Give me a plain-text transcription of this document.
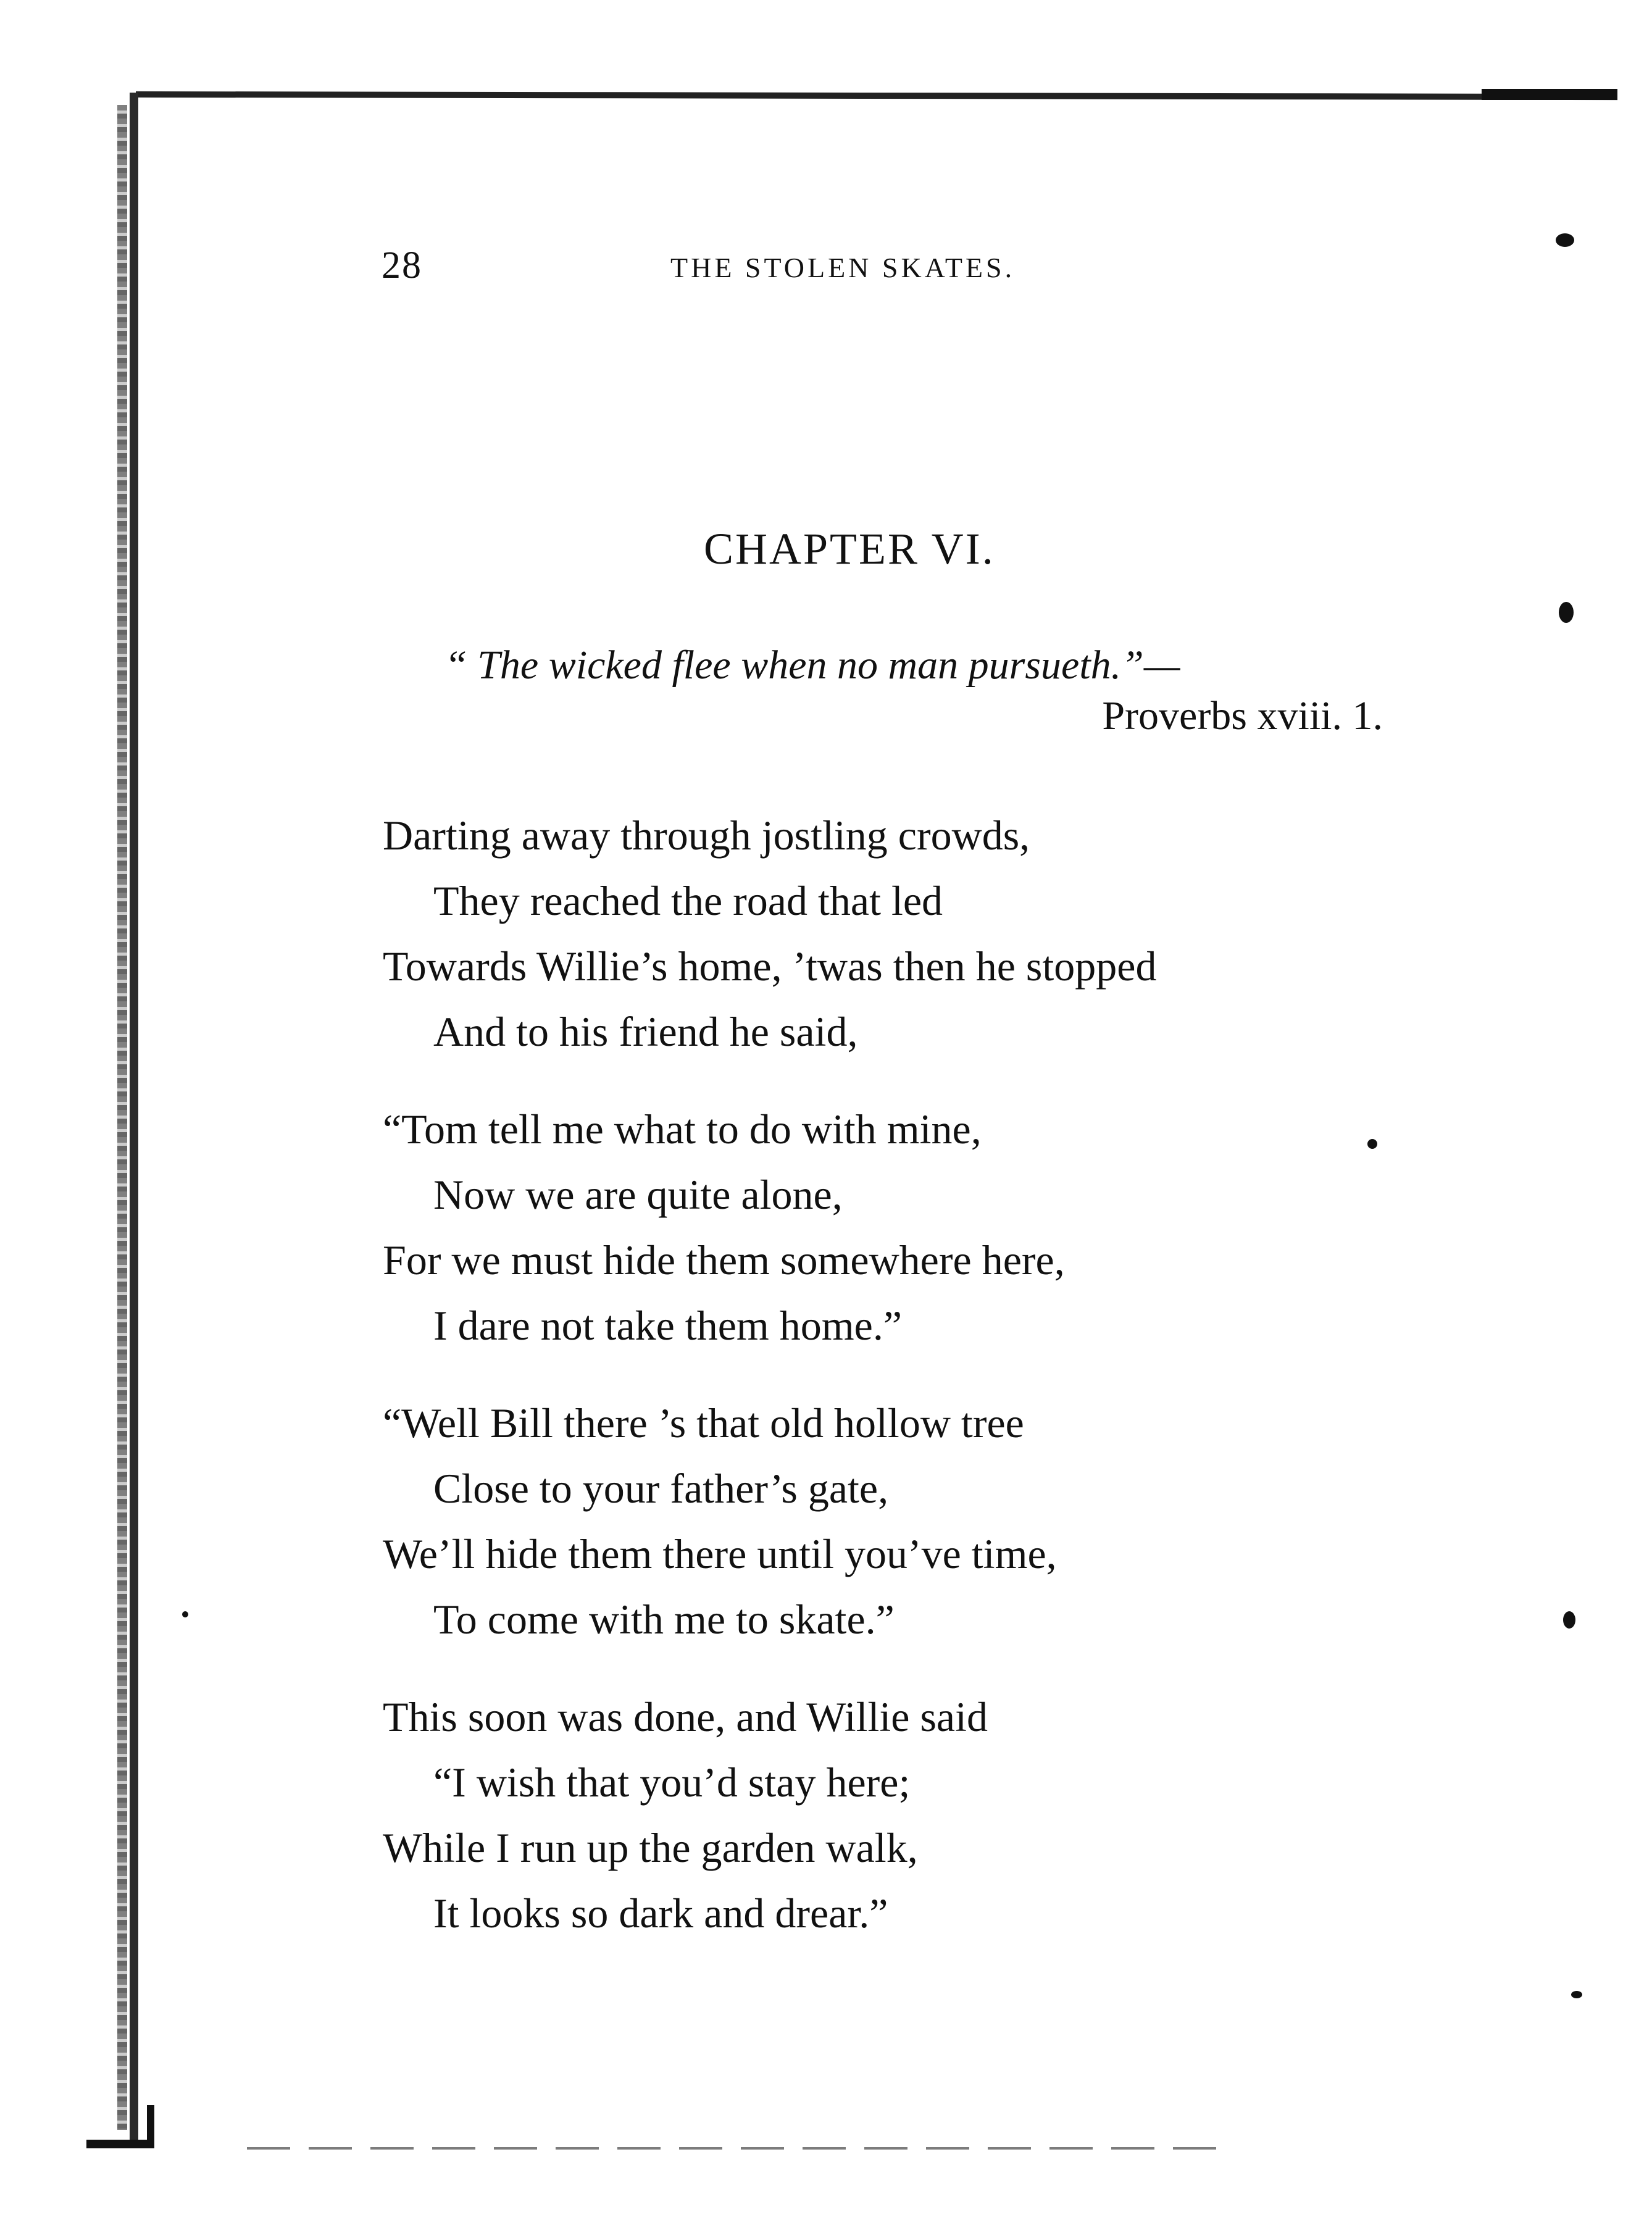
28	THE STOLEN SKATES.
CHAPTER VI.
“ The wicked flee when no man pursueth.”—
Proverbs xviii. 1.
Darting away through jostling crowds,
They reached the road that led
Towards Willie’s home, ’twas then he stopped
And to his friend he said,
“Tom tell me what to do with mine,
Now we are quite alone,
For we must hide them somewhere here,
I dare not take them home.”
“Well Bill there ’s that old hollow tree
Close to your father’s gate,
We’ll hide them there until you’ve time,
To come with me to skate.”
This soon was done, and Willie said
“I wish that you’d stay here;
While I run up the garden walk,
It looks so dark and drear.”
